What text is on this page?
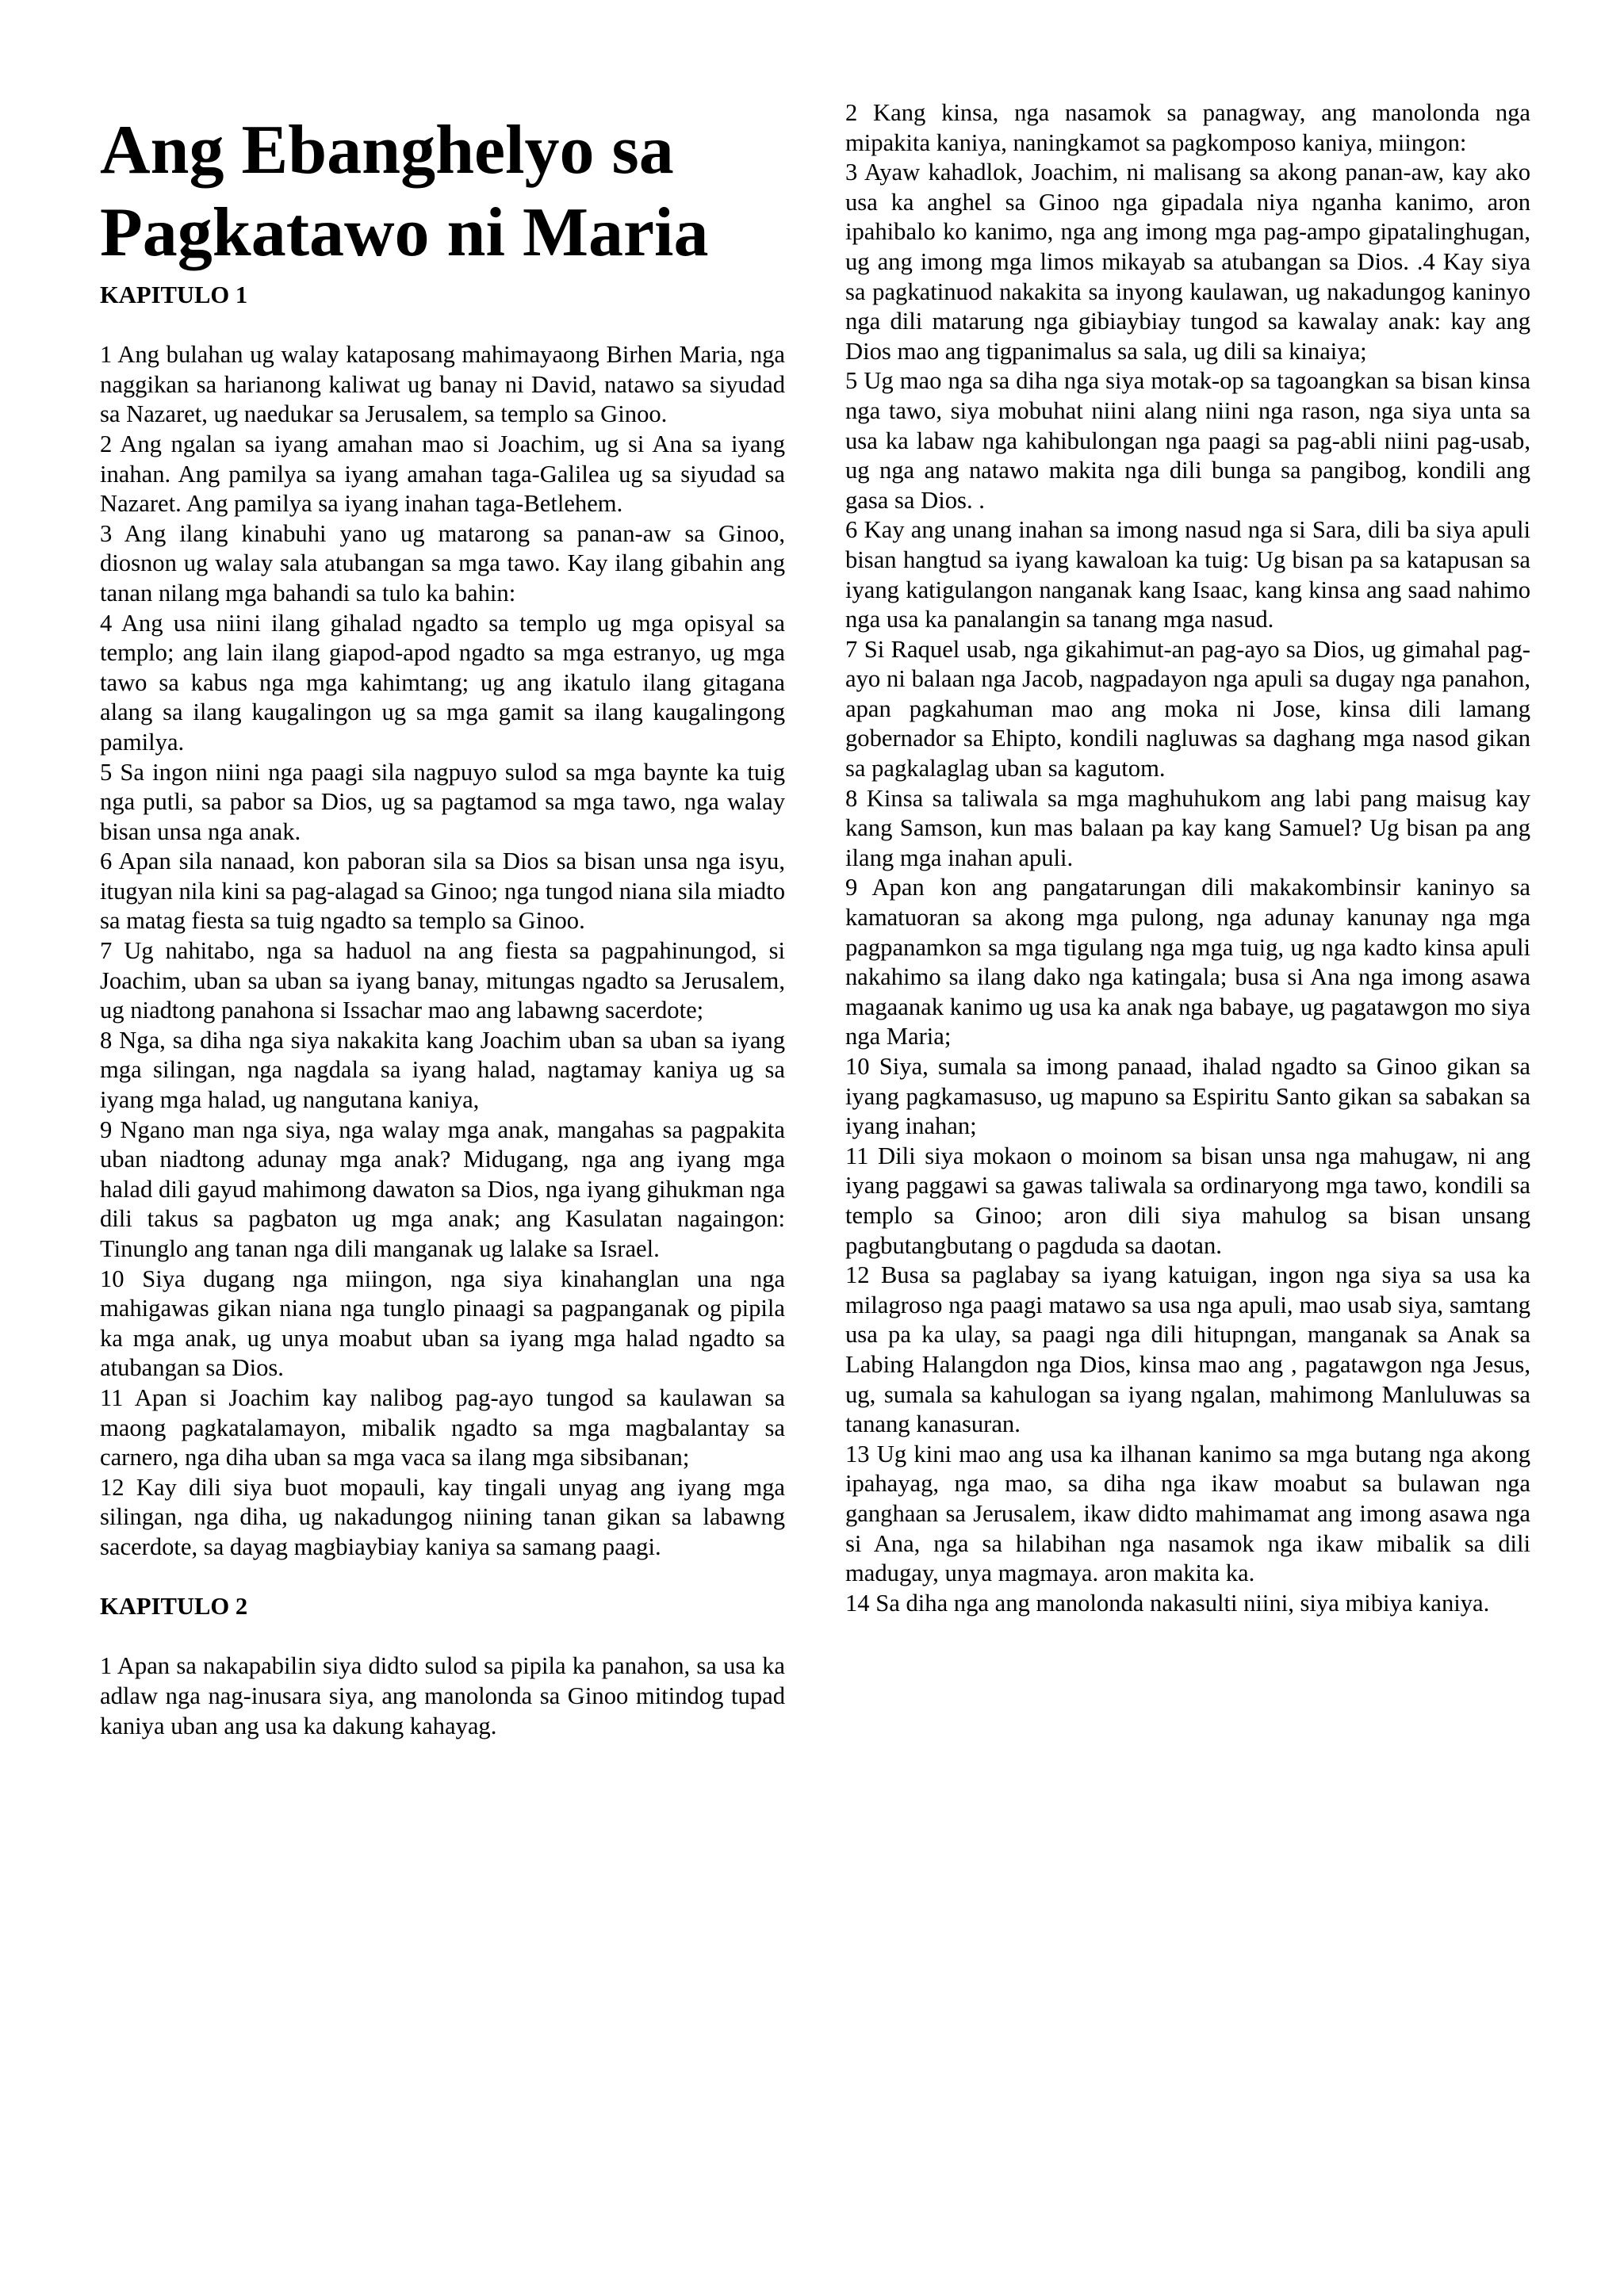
Ang Ebanghelyo sa
Pagkatawo ni Maria
KAPITULO 1
1 Ang bulahan ug walay kataposang mahimayaong Birhen Maria, nga naggikan sa harianong kaliwat ug banay ni David, natawo sa siyudad sa Nazaret, ug naedukar sa Jerusalem, sa templo sa Ginoo.
2 Ang ngalan sa iyang amahan mao si Joachim, ug si Ana sa iyang inahan. Ang pamilya sa iyang amahan taga-Galilea ug sa siyudad sa Nazaret. Ang pamilya sa iyang inahan taga-Betlehem.
3 Ang ilang kinabuhi yano ug matarong sa panan-aw sa Ginoo, diosnon ug walay sala atubangan sa mga tawo. Kay ilang gibahin ang tanan nilang mga bahandi sa tulo ka bahin:
4 Ang usa niini ilang gihalad ngadto sa templo ug mga opisyal sa templo; ang lain ilang giapod-apod ngadto sa mga estranyo, ug mga tawo sa kabus nga mga kahimtang; ug ang ikatulo ilang gitagana alang sa ilang kaugalingon ug sa mga gamit sa ilang kaugalingong pamilya.
5 Sa ingon niini nga paagi sila nagpuyo sulod sa mga baynte ka tuig nga putli, sa pabor sa Dios, ug sa pagtamod sa mga tawo, nga walay bisan unsa nga anak.
6 Apan sila nanaad, kon paboran sila sa Dios sa bisan unsa nga isyu, itugyan nila kini sa pag-alagad sa Ginoo; nga tungod niana sila miadto sa matag fiesta sa tuig ngadto sa templo sa Ginoo.
7 Ug nahitabo, nga sa haduol na ang fiesta sa pagpahinungod, si Joachim, uban sa uban sa iyang banay, mitungas ngadto sa Jerusalem, ug niadtong panahona si Issachar mao ang labawng sacerdote;
8 Nga, sa diha nga siya nakakita kang Joachim uban sa uban sa iyang mga silingan, nga nagdala sa iyang halad, nagtamay kaniya ug sa iyang mga halad, ug nangutana kaniya,
9 Ngano man nga siya, nga walay mga anak, mangahas sa pagpakita uban niadtong adunay mga anak? Midugang, nga ang iyang mga halad dili gayud mahimong dawaton sa Dios, nga iyang gihukman nga dili takus sa pagbaton ug mga anak; ang Kasulatan nagaingon: Tinunglo ang tanan nga dili manganak ug lalake sa Israel.
10 Siya dugang nga miingon, nga siya kinahanglan una nga mahigawas gikan niana nga tunglo pinaagi sa pagpanganak og pipila ka mga anak, ug unya moabut uban sa iyang mga halad ngadto sa atubangan sa Dios.
11 Apan si Joachim kay nalibog pag-ayo tungod sa kaulawan sa maong pagkatalamayon, mibalik ngadto sa mga magbalantay sa carnero, nga diha uban sa mga vaca sa ilang mga sibsibanan;
12 Kay dili siya buot mopauli, kay tingali unyag ang iyang mga silingan, nga diha, ug nakadungog niining tanan gikan sa labawng sacerdote, sa dayag magbiaybiay kaniya sa samang paagi.
KAPITULO 2
1 Apan sa nakapabilin siya didto sulod sa pipila ka panahon, sa usa ka adlaw nga nag-inusara siya, ang manolonda sa Ginoo mitindog tupad kaniya uban ang usa ka dakung kahayag.
2 Kang kinsa, nga nasamok sa panagway, ang manolonda nga mipakita kaniya, naningkamot sa pagkomposo kaniya, miingon:
3 Ayaw kahadlok, Joachim, ni malisang sa akong panan-aw, kay ako usa ka anghel sa Ginoo nga gipadala niya nganha kanimo, aron ipahibalo ko kanimo, nga ang imong mga pag-ampo gipatalinghugan, ug ang imong mga limos mikayab sa atubangan sa Dios. .4 Kay siya sa pagkatinuod nakakita sa inyong kaulawan, ug nakadungog kaninyo nga dili matarung nga gibiaybiay tungod sa kawalay anak: kay ang Dios mao ang tigpanimalus sa sala, ug dili sa kinaiya;
5 Ug mao nga sa diha nga siya motak-op sa tagoangkan sa bisan kinsa nga tawo, siya mobuhat niini alang niini nga rason, nga siya unta sa usa ka labaw nga kahibulongan nga paagi sa pag-abli niini pag-usab, ug nga ang natawo makita nga dili bunga sa pangibog, kondili ang gasa sa Dios. .
6 Kay ang unang inahan sa imong nasud nga si Sara, dili ba siya apuli bisan hangtud sa iyang kawaloan ka tuig: Ug bisan pa sa katapusan sa iyang katigulangon nanganak kang Isaac, kang kinsa ang saad nahimo nga usa ka panalangin sa tanang mga nasud.
7 Si Raquel usab, nga gikahimut-an pag-ayo sa Dios, ug gimahal pag-ayo ni balaan nga Jacob, nagpadayon nga apuli sa dugay nga panahon, apan pagkahuman mao ang moka ni Jose, kinsa dili lamang gobernador sa Ehipto, kondili nagluwas sa daghang mga nasod gikan sa pagkalaglag uban sa kagutom.
8 Kinsa sa taliwala sa mga maghuhukom ang labi pang maisug kay kang Samson, kun mas balaan pa kay kang Samuel? Ug bisan pa ang ilang mga inahan apuli.
9 Apan kon ang pangatarungan dili makakombinsir kaninyo sa kamatuoran sa akong mga pulong, nga adunay kanunay nga mga pagpanamkon sa mga tigulang nga mga tuig, ug nga kadto kinsa apuli nakahimo sa ilang dako nga katingala; busa si Ana nga imong asawa magaanak kanimo ug usa ka anak nga babaye, ug pagatawgon mo siya nga Maria;
10 Siya, sumala sa imong panaad, ihalad ngadto sa Ginoo gikan sa iyang pagkamasuso, ug mapuno sa Espiritu Santo gikan sa sabakan sa iyang inahan;
11 Dili siya mokaon o moinom sa bisan unsa nga mahugaw, ni ang iyang paggawi sa gawas taliwala sa ordinaryong mga tawo, kondili sa templo sa Ginoo; aron dili siya mahulog sa bisan unsang pagbutangbutang o pagduda sa daotan.
12 Busa sa paglabay sa iyang katuigan, ingon nga siya sa usa ka milagroso nga paagi matawo sa usa nga apuli, mao usab siya, samtang usa pa ka ulay, sa paagi nga dili hitupngan, manganak sa Anak sa Labing Halangdon nga Dios, kinsa mao ang , pagatawgon nga Jesus, ug, sumala sa kahulogan sa iyang ngalan, mahimong Manluluwas sa tanang kanasuran.
13 Ug kini mao ang usa ka ilhanan kanimo sa mga butang nga akong ipahayag, nga mao, sa diha nga ikaw moabut sa bulawan nga ganghaan sa Jerusalem, ikaw didto mahimamat ang imong asawa nga si Ana, nga sa hilabihan nga nasamok nga ikaw mibalik sa dili madugay, unya magmaya. aron makita ka.
14 Sa diha nga ang manolonda nakasulti niini, siya mibiya kaniya.
